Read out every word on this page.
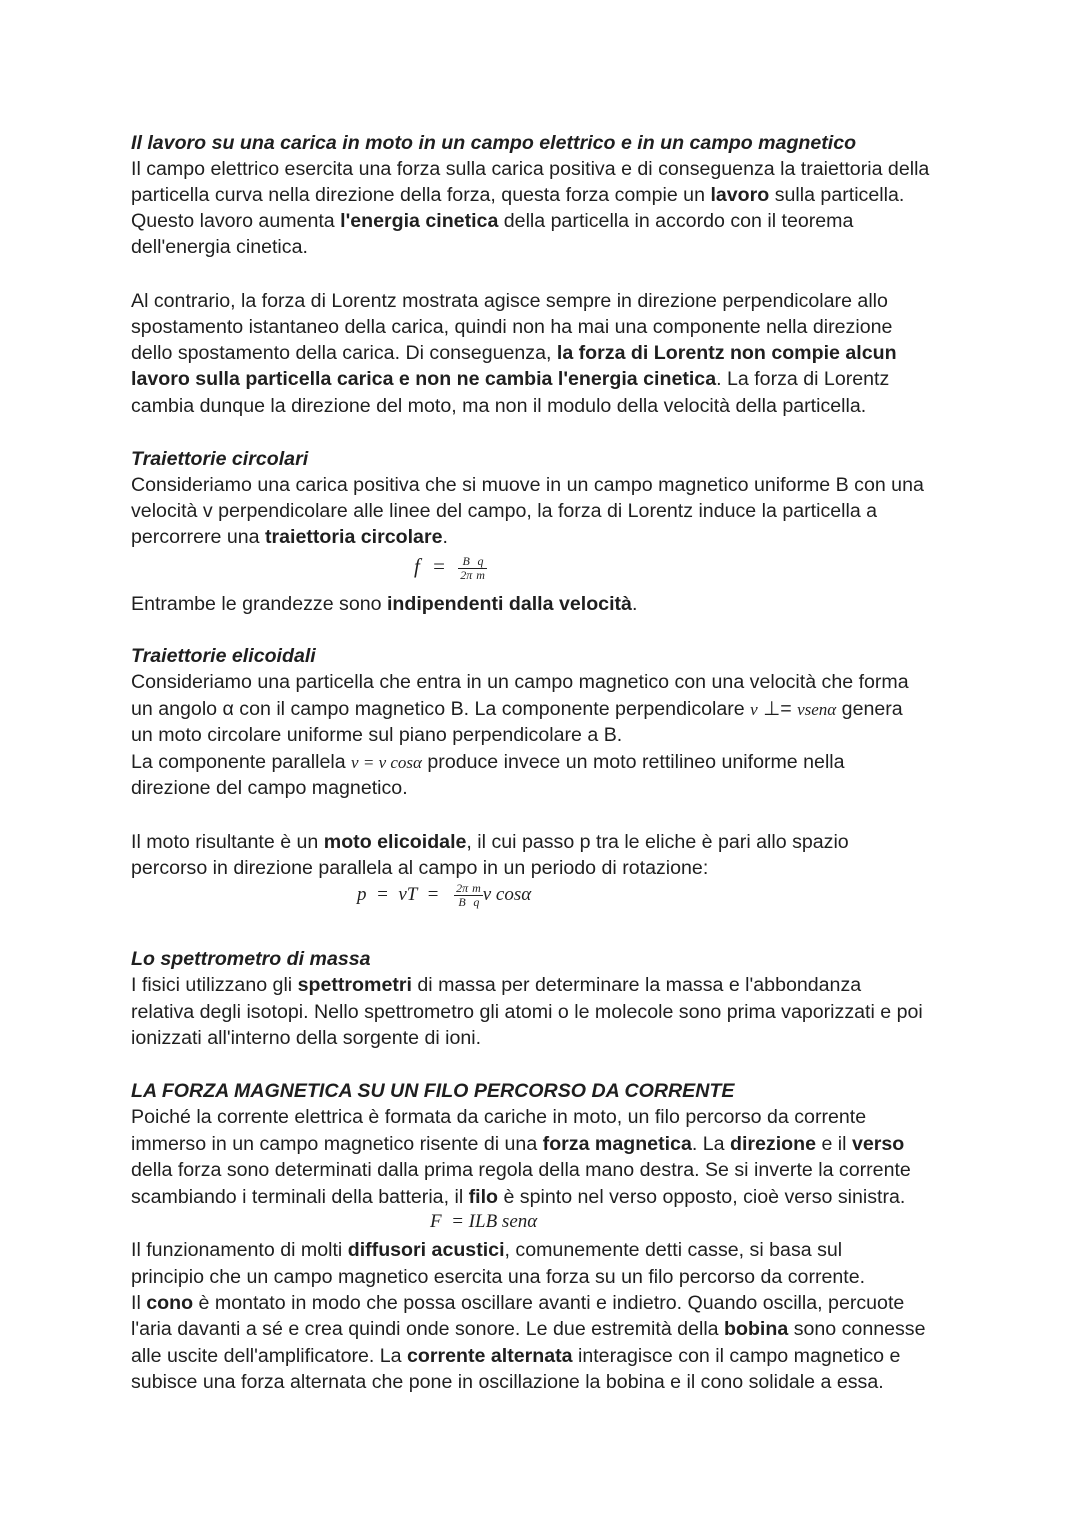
Il lavoro su una carica in moto in un campo elettrico e in un campo magnetico
Il campo elettrico esercita una forza sulla carica positiva e di conseguenza la traiettoria della
particella curva nella direzione della forza, questa forza compie un lavoro sulla particella.
Questo lavoro aumenta l'energia cinetica della particella in accordo con il teorema
dell'energia cinetica.
Al contrario, la forza di Lorentz mostrata agisce sempre in direzione perpendicolare allo
spostamento istantaneo della carica, quindi non ha mai una componente nella direzione
dello spostamento della carica. Di conseguenza, la forza di Lorentz non compie alcun
lavoro sulla particella carica e non ne cambia l'energia cinetica. La forza di Lorentz
cambia dunque la direzione del moto, ma non il modulo della velocità della particella.
Traiettorie circolari
Consideriamo una carica positiva che si muove in un campo magnetico uniforme B con una
velocità v perpendicolare alle linee del campo, la forza di Lorentz induce la particella a
percorrere una traiettoria circolare.
$f = \frac{B}{2\pi} \frac{q}{m}$
Entrambe le grandezze sono indipendenti dalla velocità.
Traiettorie elicoidali
Consideriamo una particella che entra in un campo magnetico con una velocità che forma
un angolo α con il campo magnetico B. La componente perpendicolare v ⊥= vsenα genera
un moto circolare uniforme sul piano perpendicolare a B.
La componente parallela v = v cosα produce invece un moto rettilineo uniforme nella
direzione del campo magnetico.
Il moto risultante è un moto elicoidale, il cui passo p tra le eliche è pari allo spazio
percorso in direzione parallela al campo in un periodo di rotazione:
p  =  vT  = $\frac{2\pi}{B} \frac{m}{q}$ v cosα
Lo spettrometro di massa
I fisici utilizzano gli spettrometri di massa per determinare la massa e l'abbondanza
relativa degli isotopi. Nello spettrometro gli atomi o le molecole sono prima vaporizzati e poi
ionizzati all'interno della sorgente di ioni.
LA FORZA MAGNETICA SU UN FILO PERCORSO DA CORRENTE
Poiché la corrente elettrica è formata da cariche in moto, un filo percorso da corrente
immerso in un campo magnetico risente di una forza magnetica. La direzione e il verso
della forza sono determinati dalla prima regola della mano destra. Se si inverte la corrente
scambiando i terminali della batteria, il filo è spinto nel verso opposto, cioè verso sinistra.
F  = ILB senα
Il funzionamento di molti diffusori acustici, comunemente detti casse, si basa sul
principio che un campo magnetico esercita una forza su un filo percorso da corrente.
Il cono è montato in modo che possa oscillare avanti e indietro. Quando oscilla, percuote
l'aria davanti a sé e crea quindi onde sonore. Le due estremità della bobina sono connesse
alle uscite dell'amplificatore. La corrente alternata interagisce con il campo magnetico e
subisce una forza alternata che pone in oscillazione la bobina e il cono solidale a essa.
